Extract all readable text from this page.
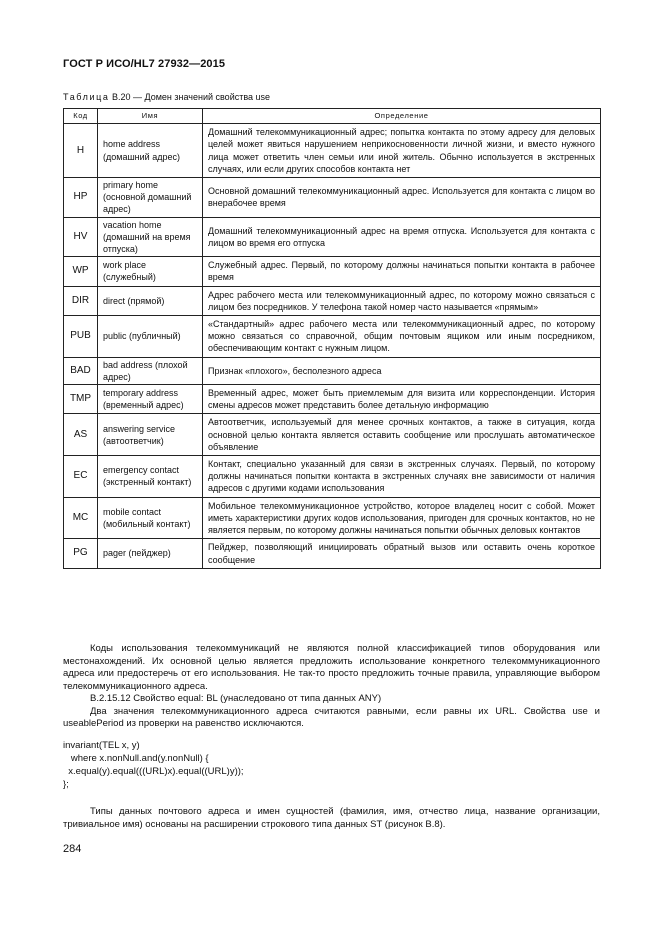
ГОСТ Р ИСО/HL7 27932—2015
Таблица В.20 — Домен значений свойства use
Код	Имя	Определение
H	home address (домашний адрес)	Домашний телекоммуникационный адрес; попытка контакта по этому адресу для деловых целей может явиться нарушением неприкосновенности личной жизни, и вместо нужного лица может ответить член семьи или иной житель. Обычно используется в экстренных случаях, или если других способов контакта нет
HP	primary home (основной домашний адрес)	Основной домашний телекоммуникационный адрес. Используется для контакта с лицом во внерабочее время
HV	vacation home (домашний на время отпуска)	Домашний телекоммуникационный адрес на время отпуска. Используется для контакта с лицом во время его отпуска
WP	work place (служебный)	Служебный адрес. Первый, по которому должны начинаться попытки контакта в рабочее время
DIR	direct (прямой)	Адрес рабочего места или телекоммуникационный адрес, по которому можно связаться с лицом без посредников. У телефона такой номер часто называется «прямым»
PUB	public (публичный)	«Стандартный» адрес рабочего места или телекоммуникационный адрес, по которому можно связаться со справочной, общим почтовым ящиком или иным посредником, обеспечивающим контакт с нужным лицом.
BAD	bad address (плохой адрес)	Признак «плохого», бесполезного адреса
TMP	temporary address (временный адрес)	Временный адрес, может быть приемлемым для визита или корреспонденции. История смены адресов может представить более детальную информацию
AS	answering service (автоответчик)	Автоответчик, используемый для менее срочных контактов, а также в ситуация, когда основной целью контакта является оставить сообщение или прослушать автоматическое объявление
EC	emergency contact (экстренный контакт)	Контакт, специально указанный для связи в экстренных случаях. Первый, по которому должны начинаться попытки контакта в экстренных случаях вне зависимости от наличия адресов с другими кодами использования
MC	mobile contact (мобильный контакт)	Мобильное телекоммуникационное устройство, которое владелец носит с собой. Может иметь характеристики других кодов использования, пригоден для срочных контактов, но не является первым, по которому должны начинаться попытки обычных деловых контактов
PG	pager (пейджер)	Пейджер, позволяющий инициировать обратный вызов или оставить очень короткое сообщение

Коды использования телекоммуникаций не являются полной классификацией типов оборудования или местонахождений. Их основной целью является предложить использование конкретного телекоммуникационного адреса или предостеречь от его использования. Не так-то просто предложить точные правила, управляющие выбором телекоммуникационного адреса.

B.2.15.12 Свойство equal: BL (унаследовано от типа данных ANY)

Два значения телекоммуникационного адреса считаются равными, если равны их URL. Свойства use и useablePeriod из проверки на равенство исключаются.

invariant(TEL x, y)
where x.nonNull.and(y.nonNull) {
x.equal(y).equal(((URL)x).equal((URL)y));
};

Типы данных почтового адреса и имен сущностей (фамилия, имя, отчество лица, название организации, тривиальное имя) основаны на расширении строкового типа данных ST (рисунок В.8).

284
